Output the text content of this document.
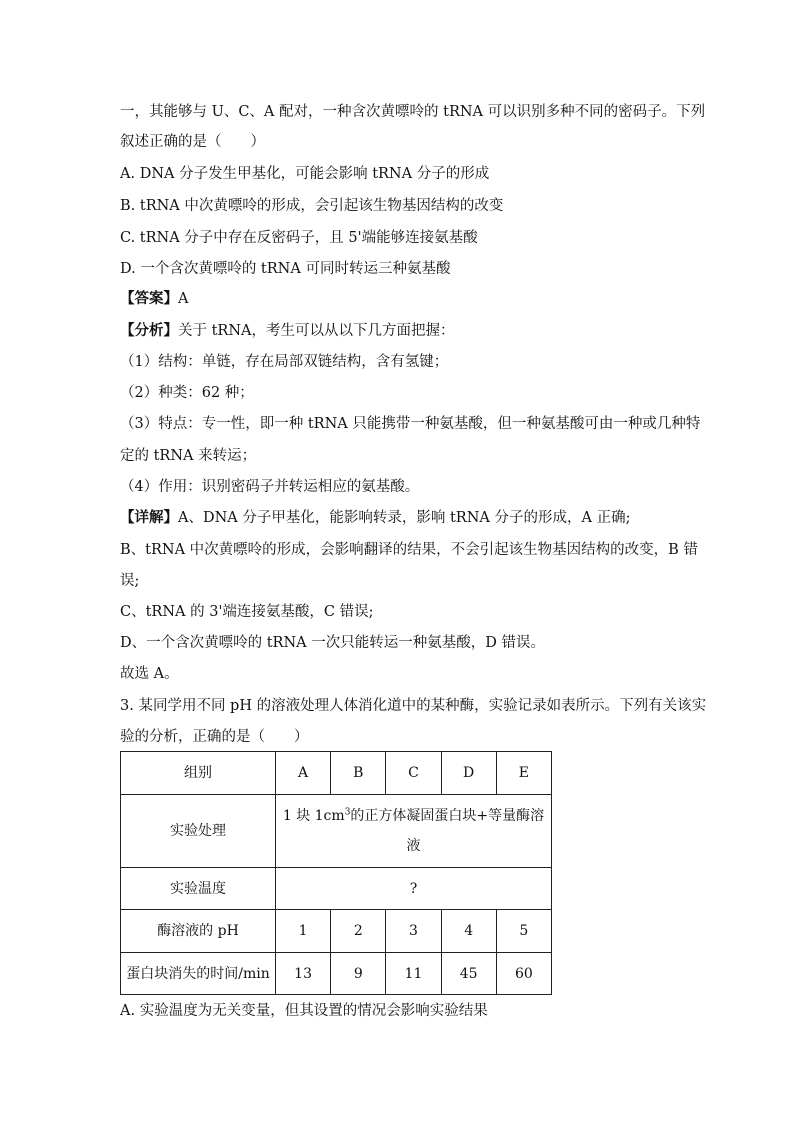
一，其能够与 U、C、A 配对，一种含次黄嘌呤的 tRNA 可以识别多种不同的密码子。下列
叙述正确的是（　　）
A. DNA 分子发生甲基化，可能会影响 tRNA 分子的形成
B. tRNA 中次黄嘌呤的形成，会引起该生物基因结构的改变
C. tRNA 分子中存在反密码子，且 5'端能够连接氨基酸
D. 一个含次黄嘌呤的 tRNA 可同时转运三种氨基酸
【答案】A
【分析】关于 tRNA，考生可以从以下几方面把握：
（1）结构：单链，存在局部双链结构，含有氢键；
（2）种类：62 种；
（3）特点：专一性，即一种 tRNA 只能携带一种氨基酸，但一种氨基酸可由一种或几种特
定的 tRNA 来转运；
（4）作用：识别密码子并转运相应的氨基酸。
【详解】A、DNA 分子甲基化，能影响转录，影响 tRNA 分子的形成，A 正确;
B、tRNA 中次黄嘌呤的形成，会影响翻译的结果，不会引起该生物基因结构的改变，B 错
误;
C、tRNA 的 3'端连接氨基酸，C 错误;
D、一个含次黄嘌呤的 tRNA 一次只能转运一种氨基酸，D 错误。
故选 A。
3. 某同学用不同 pH 的溶液处理人体消化道中的某种酶，实验记录如表所示。下列有关该实
验的分析，正确的是（　　）
组别	A	B	C	D	E
实验处理	1 块 $1cm^3$的正方体凝固蛋白块+等量酶溶
液				
实验温度	?				
酶溶液的 pH	1	2	3	4	5
蛋白块消失的时间/min	13	9	11	45	60
A. 实验温度为无关变量，但其设置的情况会影响实验结果
